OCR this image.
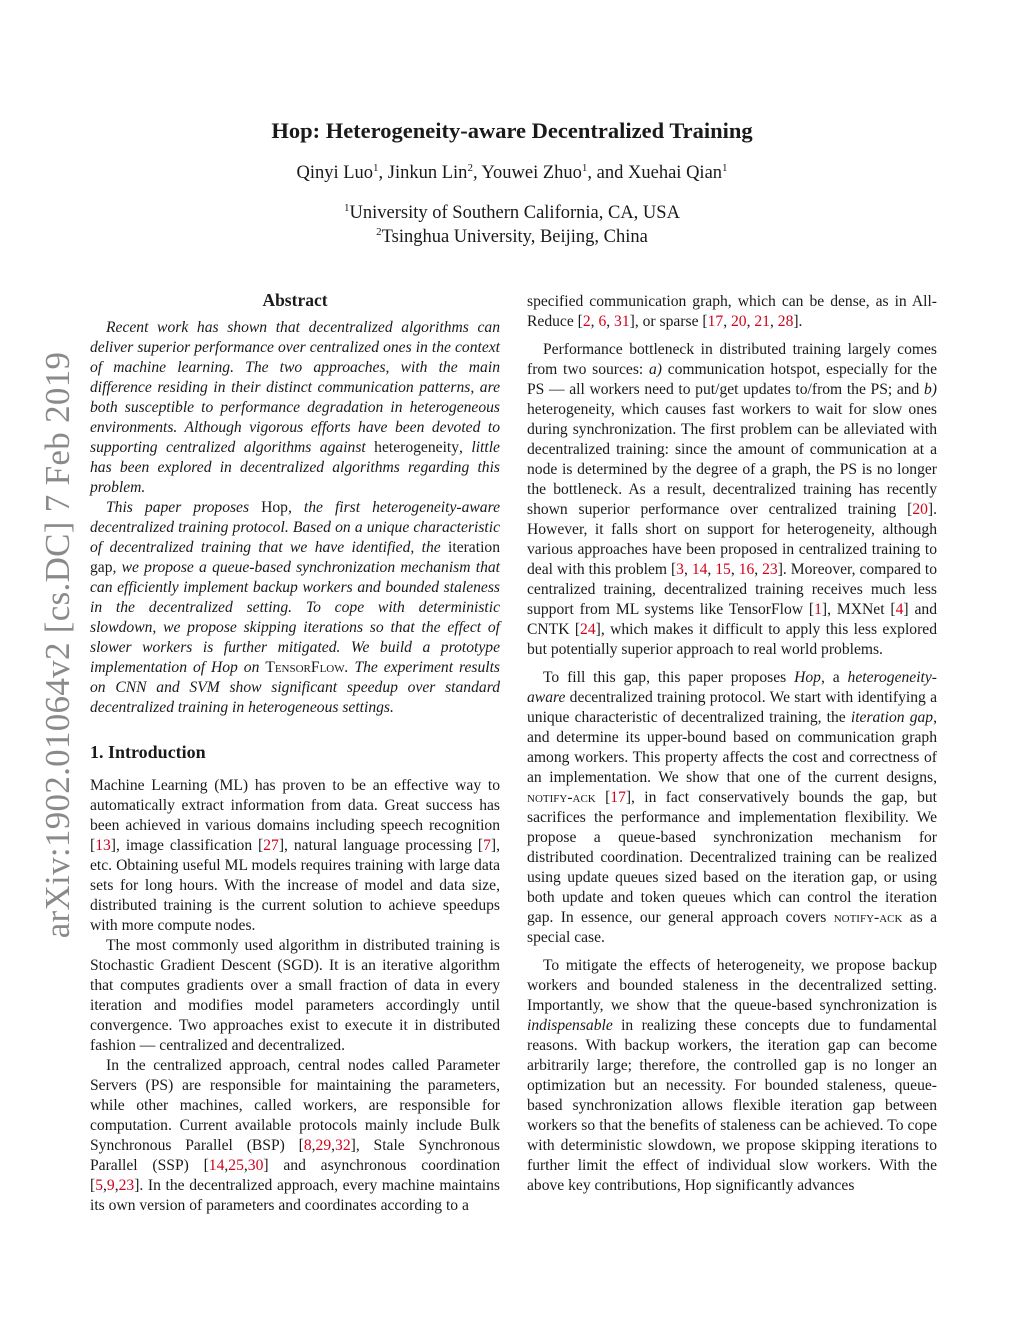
arXiv:1902.01064v2 [cs.DC] 7 Feb 2019
Hop: Heterogeneity-aware Decentralized Training
Qinyi Luo$^1$, Jinkun Lin$^2$, Youwei Zhuo$^1$, and Xuehai Qian$^1$
$^1$University of Southern California, CA, USA
$^2$Tsinghua University, Beijing, China
Abstract

Recent work has shown that decentralized algorithms can deliver superior performance over centralized ones in the context of machine learning. The two approaches, with the main difference residing in their distinct communication patterns, are both susceptible to performance degradation in heterogeneous environments. Although vigorous efforts have been devoted to supporting centralized algorithms against heterogeneity, little has been explored in decentralized algorithms regarding this problem.

This paper proposes Hop, the first heterogeneity-aware decentralized training protocol. Based on a unique characteristic of decentralized training that we have identified, the iteration gap, we propose a queue-based synchronization mechanism that can efficiently implement backup workers and bounded staleness in the decentralized setting. To cope with deterministic slowdown, we propose skipping iterations so that the effect of slower workers is further mitigated. We build a prototype implementation of Hop on TensorFlow. The experiment results on CNN and SVM show significant speedup over standard decentralized training in heterogeneous settings.

1. Introduction

Machine Learning (ML) has proven to be an effective way to automatically extract information from data. Great success has been achieved in various domains including speech recognition [13], image classification [27], natural language processing [7], etc. Obtaining useful ML models requires training with large data sets for long hours. With the increase of model and data size, distributed training is the current solution to achieve speedups with more compute nodes.

The most commonly used algorithm in distributed training is Stochastic Gradient Descent (SGD). It is an iterative algorithm that computes gradients over a small fraction of data in every iteration and modifies model parameters accordingly until convergence. Two approaches exist to execute it in distributed fashion — centralized and decentralized.

In the centralized approach, central nodes called Parameter Servers (PS) are responsible for maintaining the parameters, while other machines, called workers, are responsible for computation. Current available protocols mainly include Bulk Synchronous Parallel (BSP) [8,29,32], Stale Synchronous Parallel (SSP) [14,25,30] and asynchronous coordination [5,9,23]. In the decentralized approach, every machine maintains its own version of parameters and coordinates according to a

specified communication graph, which can be dense, as in All-Reduce [2, 6, 31], or sparse [17, 20, 21, 28].

Performance bottleneck in distributed training largely comes from two sources: a) communication hotspot, especially for the PS — all workers need to put/get updates to/from the PS; and b) heterogeneity, which causes fast workers to wait for slow ones during synchronization. The first problem can be alleviated with decentralized training: since the amount of communication at a node is determined by the degree of a graph, the PS is no longer the bottleneck. As a result, decentralized training has recently shown superior performance over centralized training [20]. However, it falls short on support for heterogeneity, although various approaches have been proposed in centralized training to deal with this problem [3, 14, 15, 16, 23]. Moreover, compared to centralized training, decentralized training receives much less support from ML systems like TensorFlow [1], MXNet [4] and CNTK [24], which makes it difficult to apply this less explored but potentially superior approach to real world problems.

To fill this gap, this paper proposes Hop, a heterogeneity-aware decentralized training protocol. We start with identifying a unique characteristic of decentralized training, the iteration gap, and determine its upper-bound based on communication graph among workers. This property affects the cost and correctness of an implementation. We show that one of the current designs, notify-ack [17], in fact conservatively bounds the gap, but sacrifices the performance and implementation flexibility. We propose a queue-based synchronization mechanism for distributed coordination. Decentralized training can be realized using update queues sized based on the iteration gap, or using both update and token queues which can control the iteration gap. In essence, our general approach covers notify-ack as a special case.

To mitigate the effects of heterogeneity, we propose backup workers and bounded staleness in the decentralized setting. Importantly, we show that the queue-based synchronization is indispensable in realizing these concepts due to fundamental reasons. With backup workers, the iteration gap can become arbitrarily large; therefore, the controlled gap is no longer an optimization but an necessity. For bounded staleness, queue-based synchronization allows flexible iteration gap between workers so that the benefits of staleness can be achieved. To cope with deterministic slowdown, we propose skipping iterations to further limit the effect of individual slow workers. With the above key contributions, Hop significantly advances
